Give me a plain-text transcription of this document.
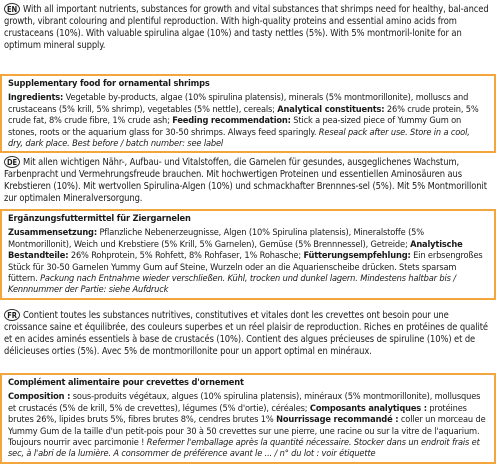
EN With all important nutrients, substances for growth and vital substances that shrimps need for healthy, bal-anced growth, vibrant colouring and plentiful reproduction. With high-quality proteins and essential amino acids from crustaceans (10%). With valuable spirulina algae (10%) and tasty nettles (5%). With 5% montmoril-lonite for an optimum mineral supply.
Supplementary food for ornamental shrimps
Ingredients: Vegetable by-products, algae (10% spirulina platensis), minerals (5% montmorillonite), molluscs and crustaceans (5% krill, 5% shrimp), vegetables (5% nettle), cereals; Analytical constituents: 26% crude protein, 5% crude fat, 8% crude fibre, 1% crude ash; Feeding recommendation: Stick a pea-sized piece of Yummy Gum on stones, roots or the aquarium glass for 30-50 shrimps. Always feed sparingly. Reseal pack after use. Store in a cool, dry, dark place. Best before / batch number: see label
DE Mit allen wichtigen Nähr-, Aufbau- und Vitalstoffen, die Garnelen für gesundes, ausgeglichenes Wachstum, Farbenpracht und Vermehrungsfreude brauchen. Mit hochwertigen Proteinen und essentiellen Aminosäuren aus Krebstieren (10%). Mit wertvollen Spirulina-Algen (10%) und schmackhafter Brennnes-sel (5%). Mit 5% Montmorillonit zur optimalen Mineralversorgung.
Ergänzungsfuttermittel für Ziergarnelen
Zusammensetzung: Pflanzliche Nebenerzeugnisse, Algen (10% Spirulina platensis), Mineralstoffe (5% Montmorillonit), Weich und Krebstiere (5% Krill, 5% Garnelen), Gemüse (5% Brennnessel), Getreide; Analytische Bestandteile: 26% Rohprotein, 5% Rohfett, 8% Rohfaser, 1% Rohasche; Fütterungsempfehlung: Ein erbsengroßes Stück für 30-50 Garnelen Yummy Gum auf Steine, Wurzeln oder an die Aquarienscheibe drücken. Stets sparsam füttern. Packung nach Entnahme wieder verschließen. Kühl, trocken und dunkel lagern. Mindestens haltbar bis / Kennnummer der Partie: siehe Aufdruck
FR Contient toutes les substances nutritives, constitutives et vitales dont les crevettes ont besoin pour une croissance saine et équilibrée, des couleurs superbes et un réel plaisir de reproduction. Riches en protéines de qualité et en acides aminés essentiels à base de crustacés (10%). Contient des algues précieuses de spiruline (10%) et de délicieuses orties (5%). Avec 5% de montmorillonite pour un apport optimal en minéraux.
Complément alimentaire pour crevettes d'ornement
Composition : sous-produits végétaux, algues (10% spirulina platensis), minéraux (5% montmorillonite), mollusques et crustacés (5% de krill, 5% de crevettes), légumes (5% d'ortie), céréales; Composants analytiques : protéines brutes 26%, lipides bruts 5%, fibres brutes 8%, cendres brutes 1% Nourrissage recommandé : coller un morceau de Yummy Gum de la taille d'un petit-pois pour 30 à 50 crevettes sur une pierre, une racine ou sur la vitre de l'aquarium. Toujours nourrir avec parcimonie ! Refermer l'emballage après la quantité nécessaire. Stocker dans un endroit frais et sec, à l'abri de la lumière. A consommer de préférence avant le ... / n° du lot : voir étiquette
